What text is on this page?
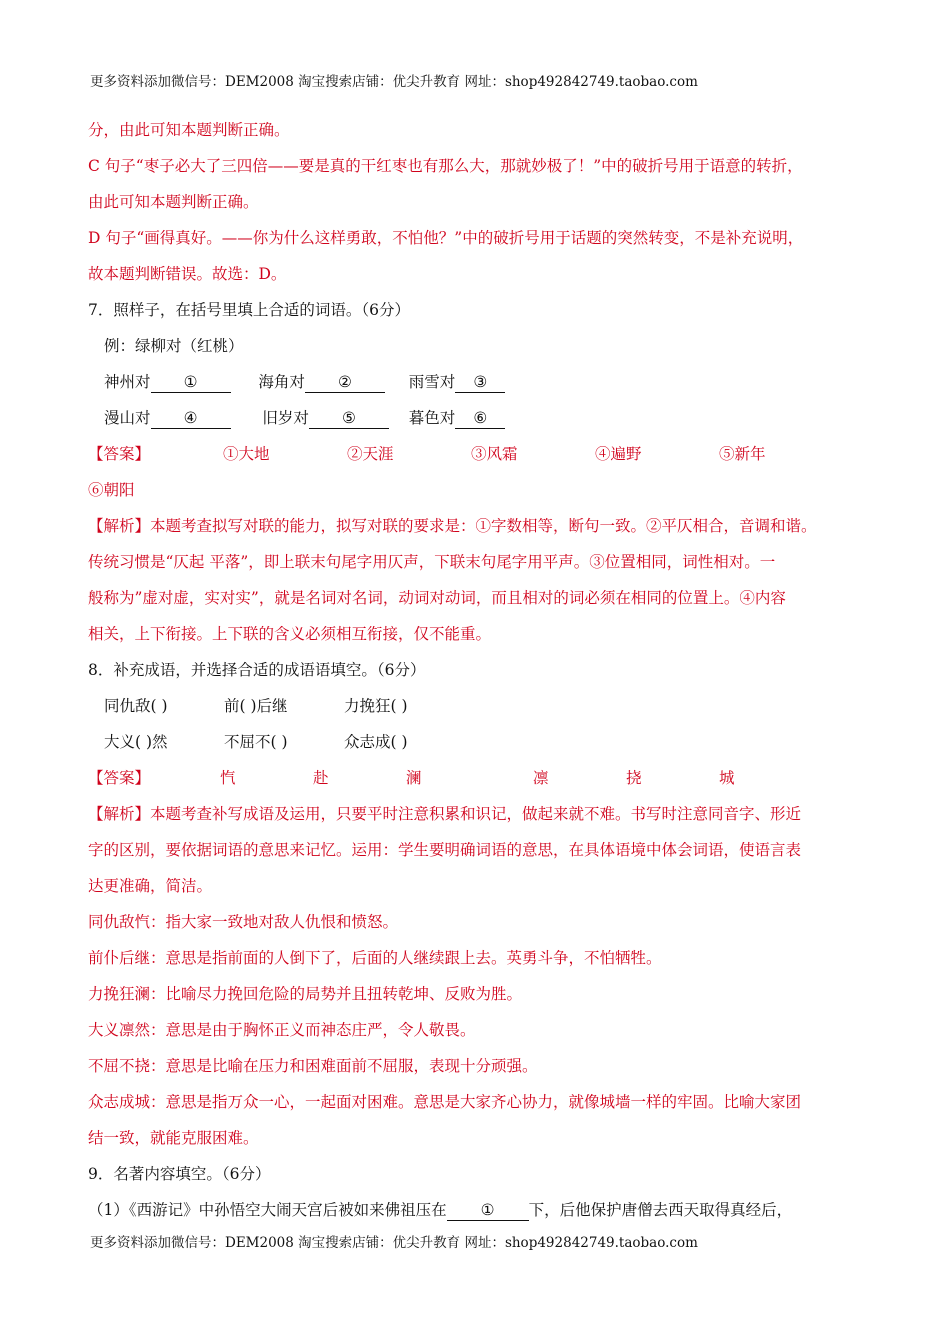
更多资料添加微信号：DEM2008 淘宝搜索店铺：优尖升教育 网址：shop492842749.taobao.com
分，由此可知本题判断正确。
C 句子“枣子必大了三四倍——要是真的干红枣也有那么大，那就妙极了！”中的破折号用于语意的转折，
由此可知本题判断正确。
D 句子“画得真好。——你为什么这样勇敢，不怕他？”中的破折号用于话题的突然转变，不是补充说明，
故本题判断错误。故选：D。
7．照样子，在括号里填上合适的词语。（6分）
例：绿柳对（红桃）
神州对 ①	海角对 ②	雨雪对 ③
漫山对 ④	旧岁对 ⑤	暮色对 ⑥
【答案】	①大地	②天涯	③风霜	④遍野	⑤新年
⑥朝阳
【解析】本题考查拟写对联的能力，拟写对联的要求是：①字数相等，断句一致。②平仄相合，音调和谐。
传统习惯是“仄起 平落”，即上联末句尾字用仄声，下联末句尾字用平声。③位置相同，词性相对。一
般称为”虚对虚，实对实”，就是名词对名词，动词对动词，而且相对的词必须在相同的位置上。④内容
相关，上下衔接。上下联的含义必须相互衔接，仅不能重。
8．补充成语，并选择合适的成语语填空。（6分）
同仇敌( )	前( )后继	力挽狂( )
大义( )然	不屈不( )	众志成( )
【答案】	忾	赴	澜	凛	挠	城
【解析】本题考查补写成语及运用，只要平时注意积累和识记，做起来就不难。书写时注意同音字、形近
字的区别，要依据词语的意思来记忆。运用：学生要明确词语的意思，在具体语境中体会词语，使语言表
达更准确，简洁。
同仇敌忾：指大家一致地对敌人仇恨和愤怒。
前仆后继：意思是指前面的人倒下了，后面的人继续跟上去。英勇斗争，不怕牺牲。
力挽狂澜：比喻尽力挽回危险的局势并且扭转乾坤、反败为胜。
大义凛然：意思是由于胸怀正义而神态庄严，令人敬畏。
不屈不挠：意思是比喻在压力和困难面前不屈服，表现十分顽强。
众志成城：意思是指万众一心，一起面对困难。意思是大家齐心协力，就像城墙一样的牢固。比喻大家团
结一致，就能克服困难。
9．名著内容填空。（6分）
（1）《西游记》中孙悟空大闹天宫后被如来佛祖压在 ① 下，后他保护唐僧去西天取得真经后，
更多资料添加微信号：DEM2008 淘宝搜索店铺：优尖升教育 网址：shop492842749.taobao.com
